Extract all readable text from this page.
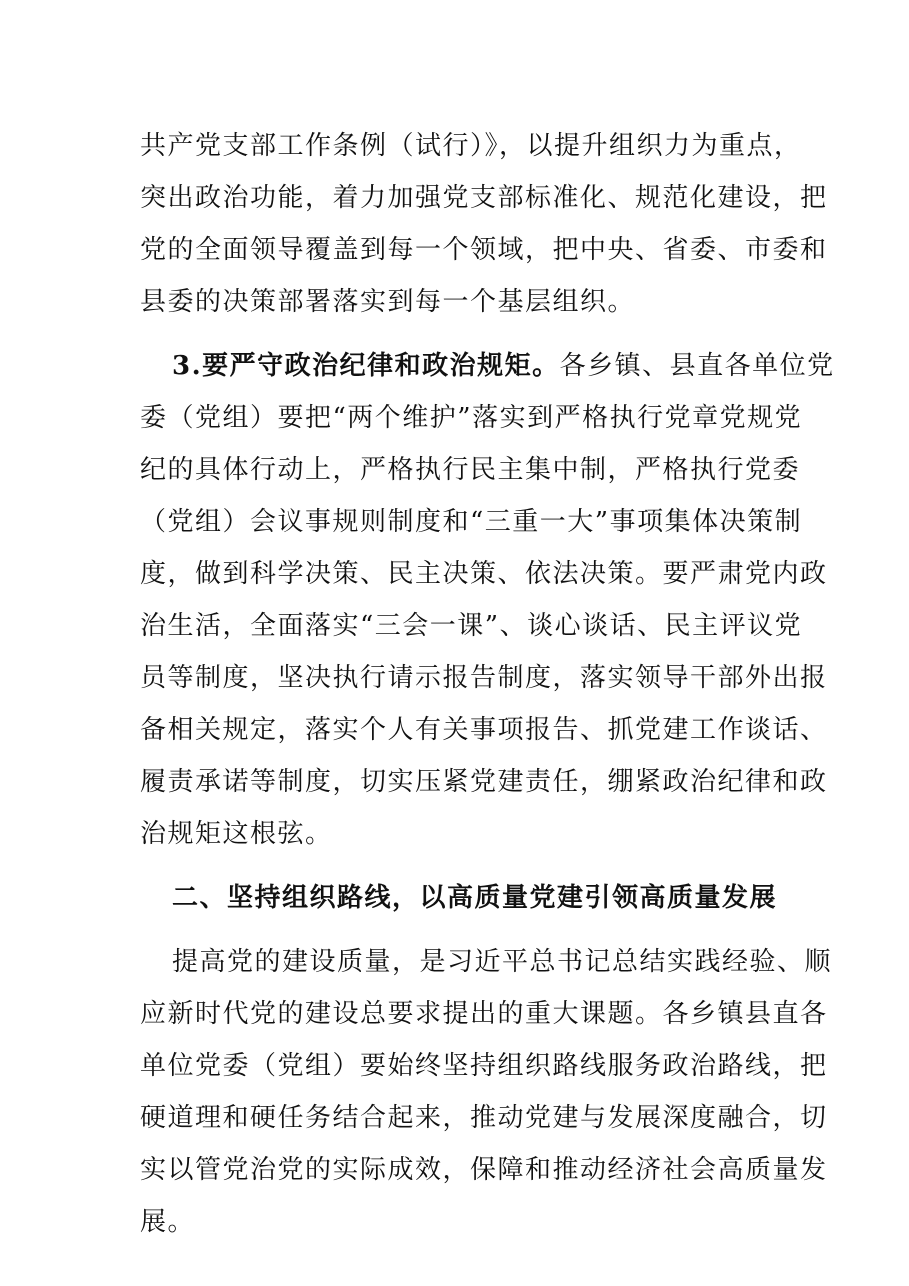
共产党支部工作条例（试行）》，以提升组织力为重点，
突出政治功能，着力加强党支部标准化、规范化建设，把
党的全面领导覆盖到每一个领域，把中央、省委、市委和
县委的决策部署落实到每一个基层组织。
3.要严守政治纪律和政治规矩。各乡镇、县直各单位党
委（党组）要把“两个维护”落实到严格执行党章党规党
纪的具体行动上，严格执行民主集中制，严格执行党委
（党组）会议事规则制度和“三重一大”事项集体决策制
度，做到科学决策、民主决策、依法决策。要严肃党内政
治生活，全面落实“三会一课”、谈心谈话、民主评议党
员等制度，坚决执行请示报告制度，落实领导干部外出报
备相关规定，落实个人有关事项报告、抓党建工作谈话、
履责承诺等制度，切实压紧党建责任，绷紧政治纪律和政
治规矩这根弦。
二、坚持组织路线，以高质量党建引领高质量发展
提高党的建设质量，是习近平总书记总结实践经验、顺
应新时代党的建设总要求提出的重大课题。各乡镇县直各
单位党委（党组）要始终坚持组织路线服务政治路线，把
硬道理和硬任务结合起来，推动党建与发展深度融合，切
实以管党治党的实际成效，保障和推动经济社会高质量发
展。
